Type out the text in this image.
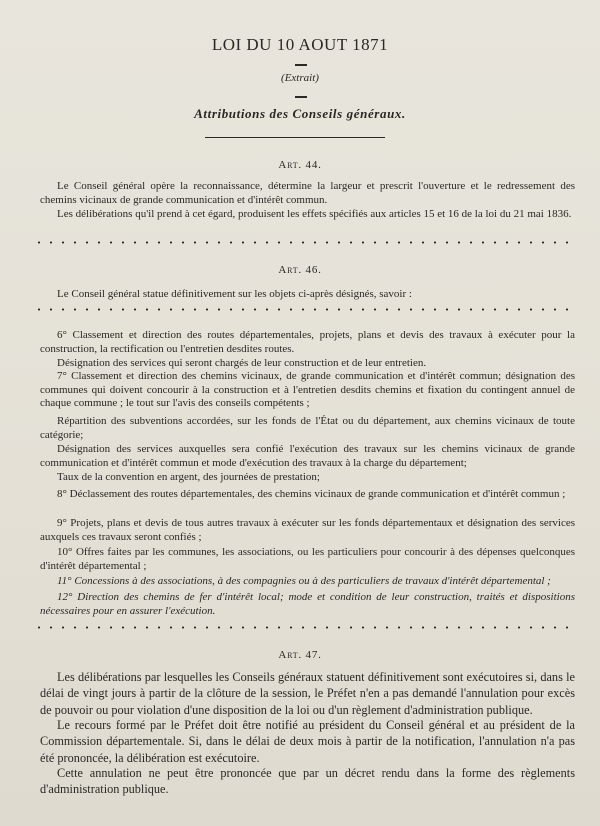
LOI DU 10 AOUT 1871
(Extrait)
Attributions des Conseils généraux.
Art. 44.

Le Conseil général opère la reconnaissance, détermine la largeur et prescrit l'ouverture et le redressement des chemins vicinaux de grande communication et d'intérêt commun.

Les délibérations qu'il prend à cet égard, produisent les effets spécifiés aux articles 15 et 16 de la loi du 21 mai 1836.

Art. 46.

Le Conseil général statue définitivement sur les objets ci-après désignés, savoir :

6° Classement et direction des routes départementales, projets, plans et devis des travaux à exécuter pour la construction, la rectification ou l'entretien desdites routes.

Désignation des services qui seront chargés de leur construction et de leur entretien.

7° Classement et direction des chemins vicinaux, de grande communication et d'intérêt commun; désignation des communes qui doivent concourir à la construction et à l'entretien desdits chemins et fixation du contingent annuel de chaque commune ; le tout sur l'avis des conseils compétents ;

Répartition des subventions accordées, sur les fonds de l'État ou du département, aux chemins vicinaux de toute catégorie;

Désignation des services auxquelles sera confié l'exécution des travaux sur les chemins vicinaux de grande communication et d'intérêt commun et mode d'exécution des travaux à la charge du département;

Taux de la convention en argent, des journées de prestation;

8° Déclassement des routes départementales, des chemins vicinaux de grande communication et d'intérêt commun ;

9° Projets, plans et devis de tous autres travaux à exécuter sur les fonds départementaux et désignation des services auxquels ces travaux seront confiés ;

10° Offres faites par les communes, les associations, ou les particuliers pour concourir à des dépenses quelconques d'intérêt départemental ;

11° Concessions à des associations, à des compagnies ou à des particuliers de travaux d'intérêt départemental ;

12° Direction des chemins de fer d'intérêt local; mode et condition de leur construction, traités et dispositions nécessaires pour en assurer l'exécution.

Art. 47.

Les délibérations par lesquelles les Conseils généraux statuent définitivement sont exécutoires si, dans le délai de vingt jours à partir de la clôture de la session, le Préfet n'en a pas demandé l'annulation pour excès de pouvoir ou pour violation d'une disposition de la loi ou d'un règlement d'administration publique.

Le recours formé par le Préfet doit être notifié au président du Conseil général et au président de la Commission départementale. Si, dans le délai de deux mois à partir de la notification, l'annulation n'a pas été prononcée, la délibération est exécutoire.

Cette annulation ne peut être prononcée que par un décret rendu dans la forme des règlements d'administration publique.
